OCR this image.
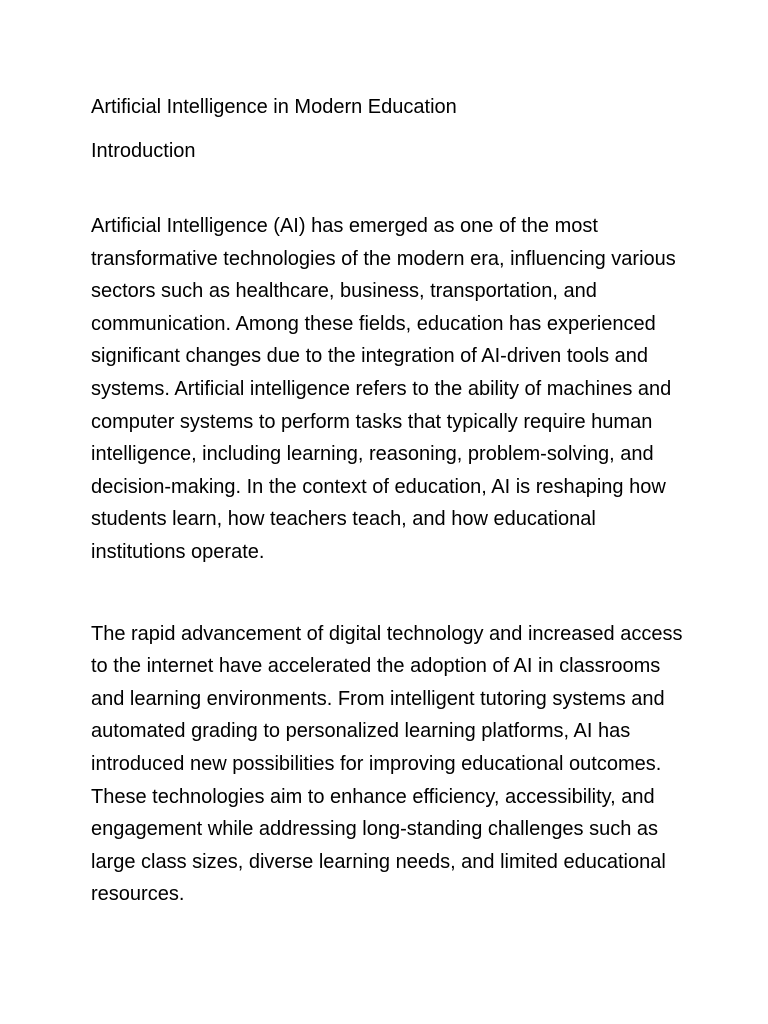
Artificial Intelligence in Modern Education

Introduction

Artificial Intelligence (AI) has emerged as one of the most transformative technologies of the modern era, influencing various sectors such as healthcare, business, transportation, and communication. Among these fields, education has experienced significant changes due to the integration of AI-driven tools and systems. Artificial intelligence refers to the ability of machines and computer systems to perform tasks that typically require human intelligence, including learning, reasoning, problem-solving, and decision-making. In the context of education, AI is reshaping how students learn, how teachers teach, and how educational institutions operate.

The rapid advancement of digital technology and increased access to the internet have accelerated the adoption of AI in classrooms and learning environments. From intelligent tutoring systems and automated grading to personalized learning platforms, AI has introduced new possibilities for improving educational outcomes. These technologies aim to enhance efficiency, accessibility, and engagement while addressing long-standing challenges such as large class sizes, diverse learning needs, and limited educational resources.
